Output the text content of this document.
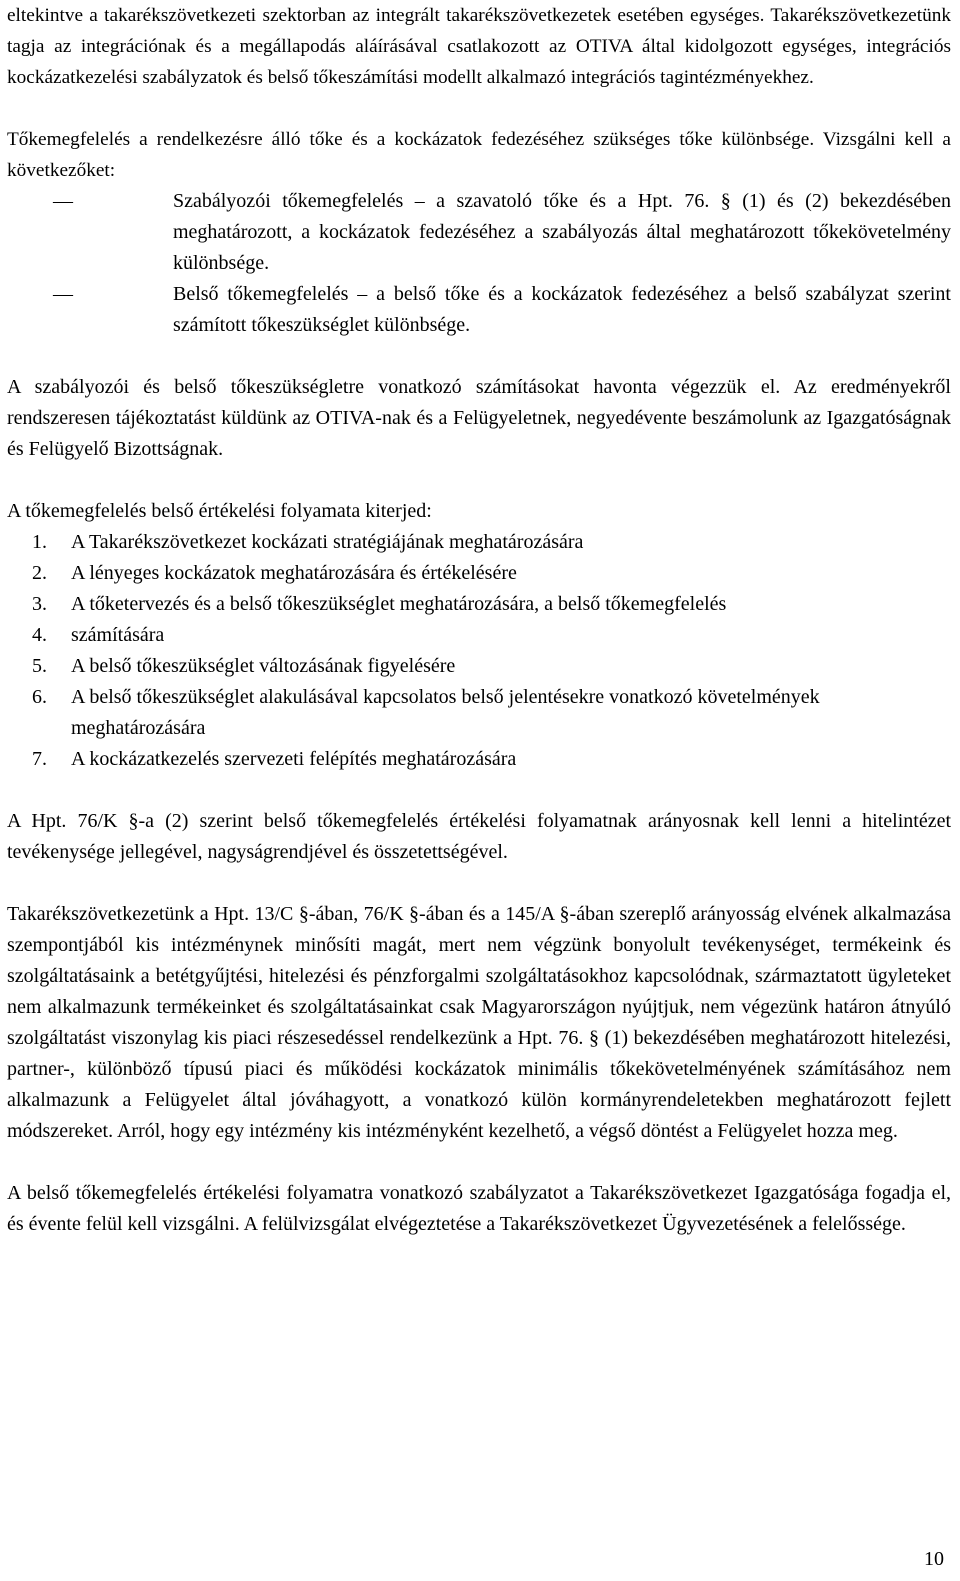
eltekintve a takarékszövetkezeti szektorban az integrált takarékszövetkezetek esetében egységes. Takarékszövetkezetünk tagja az integrációnak és a megállapodás aláírásával csatlakozott az OTIVA által kidolgozott egységes, integrációs kockázatkezelési szabályzatok és belső tőkeszámítási modellt alkalmazó integrációs tagintézményekhez.

Tőkemegfelelés a rendelkezésre álló tőke és a kockázatok fedezéséhez szükséges tőke különbsége. Vizsgálni kell a következőket:

—	Szabályozói tőkemegfelelés – a szavatoló tőke és a Hpt. 76. § (1) és (2) bekezdésében meghatározott, a kockázatok fedezéséhez a szabályozás által meghatározott tőkekövetelmény különbsége.

—	Belső tőkemegfelelés – a belső tőke és a kockázatok fedezéséhez a belső szabályzat szerint számított tőkeszükséglet különbsége.

A szabályozói és belső tőkeszükségletre vonatkozó számításokat havonta végezzük el. Az eredményekről rendszeresen tájékoztatást küldünk az OTIVA-nak és a Felügyeletnek, negyedévente beszámolunk az Igazgatóságnak és Felügyelő Bizottságnak.

A tőkemegfelelés belső értékelési folyamata kiterjed:

1. A Takarékszövetkezet kockázati stratégiájának meghatározására

2. A lényeges kockázatok meghatározására és értékelésére

3. A tőketervezés és a belső tőkeszükséglet meghatározására, a belső tőkemegfelelés

4. számítására

5. A belső tőkeszükséglet változásának figyelésére

6. A belső tőkeszükséglet alakulásával kapcsolatos belső jelentésekre vonatkozó követelmények meghatározására

7. A kockázatkezelés szervezeti felépítés meghatározására

A Hpt. 76/K §-a (2) szerint belső tőkemegfelelés értékelési folyamatnak arányosnak kell lenni a hitelintézet tevékenysége jellegével, nagyságrendjével és összetettségével.

Takarékszövetkezetünk a Hpt. 13/C §-ában, 76/K §-ában és a 145/A §-ában szereplő arányosság elvének alkalmazása szempontjából kis intézménynek minősíti magát, mert nem végzünk bonyolult tevékenységet, termékeink és szolgáltatásaink a betétgyűjtési, hitelezési és pénzforgalmi szolgáltatásokhoz kapcsolódnak, származtatott ügyleteket nem alkalmazunk termékeinket és szolgáltatásainkat csak Magyarországon nyújtjuk, nem végezünk határon átnyúló szolgáltatást viszonylag kis piaci részesedéssel rendelkezünk a Hpt. 76. § (1) bekezdésében meghatározott hitelezési, partner-, különböző típusú piaci és működési kockázatok minimális tőkekövetelményének számításához nem alkalmazunk a Felügyelet által jóváhagyott, a vonatkozó külön kormányrendeletekben meghatározott fejlett módszereket. Arról, hogy egy intézmény kis intézményként kezelhető, a végső döntést a Felügyelet hozza meg.

A belső tőkemegfelelés értékelési folyamatra vonatkozó szabályzatot a Takarékszövetkezet Igazgatósága fogadja el, és évente felül kell vizsgálni. A felülvizsgálat elvégeztetése a Takarékszövetkezet Ügyvezetésének a felelőssége.

10
